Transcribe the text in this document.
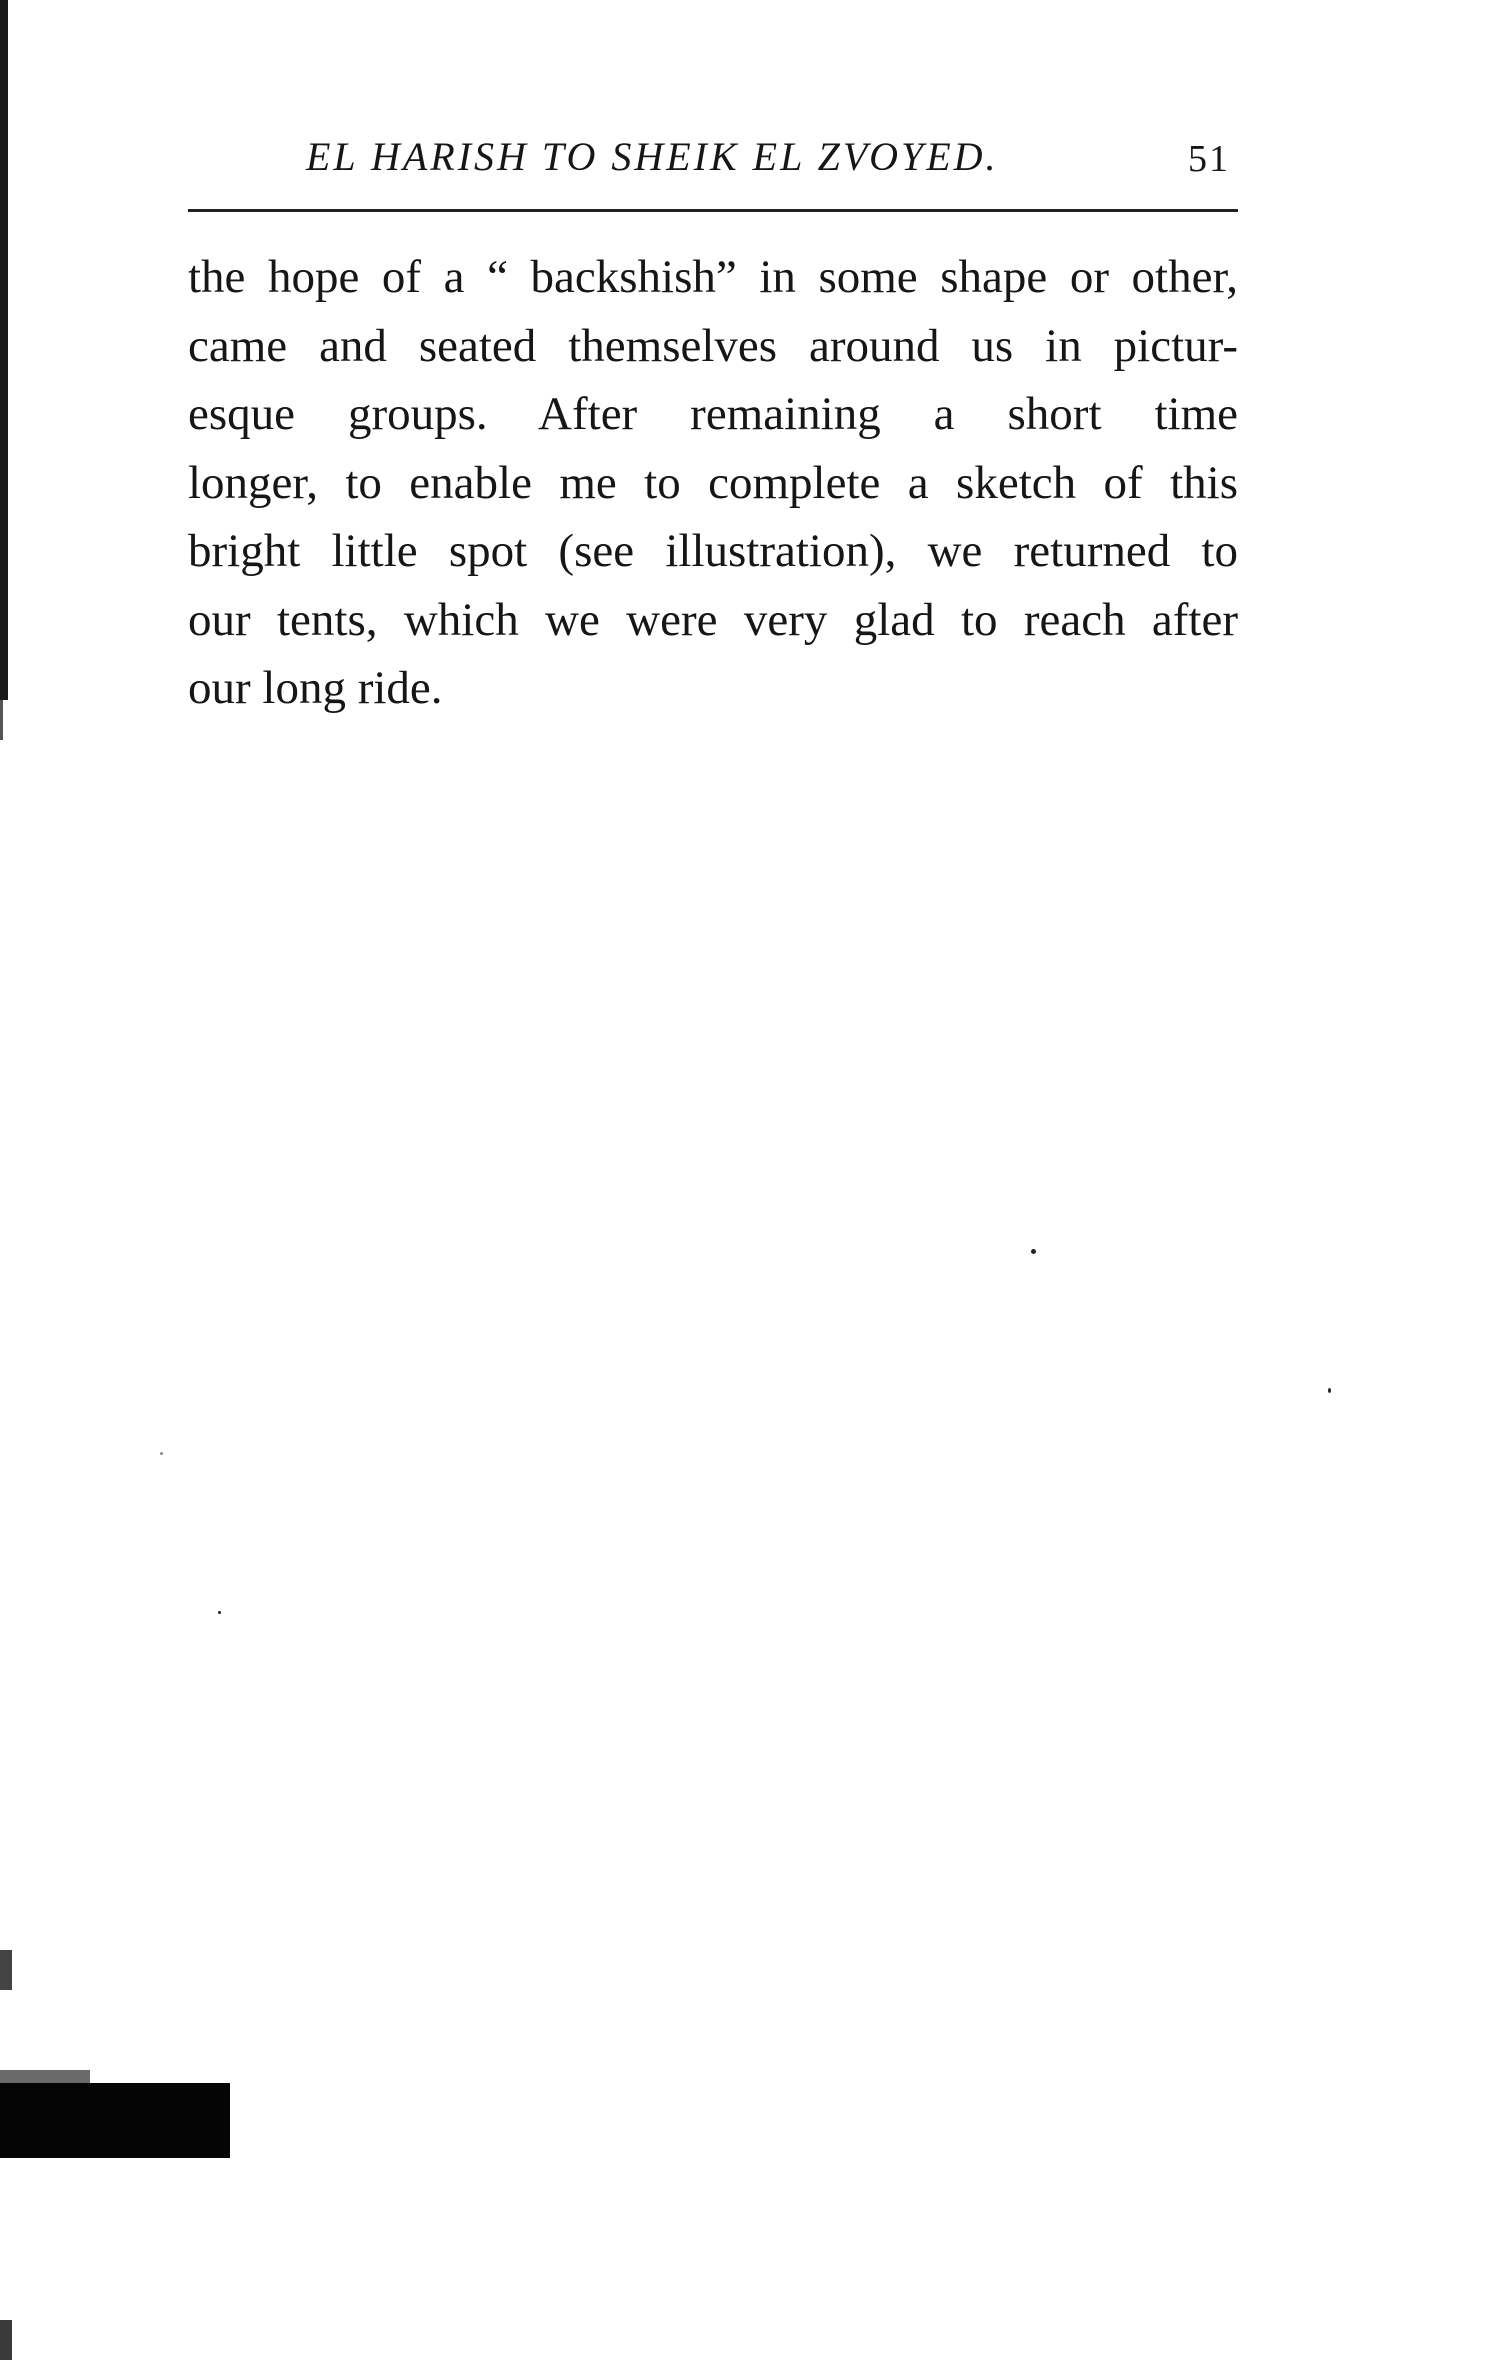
EL HARISH TO SHEIK EL ZVOYED.	51
the hope of a “ backshish” in some shape or other,
came and seated themselves around us in pictur-
esque groups. After remaining a short time
longer, to enable me to complete a sketch of this
bright little spot (see illustration), we returned to
our tents, which we were very glad to reach after
our long ride.
